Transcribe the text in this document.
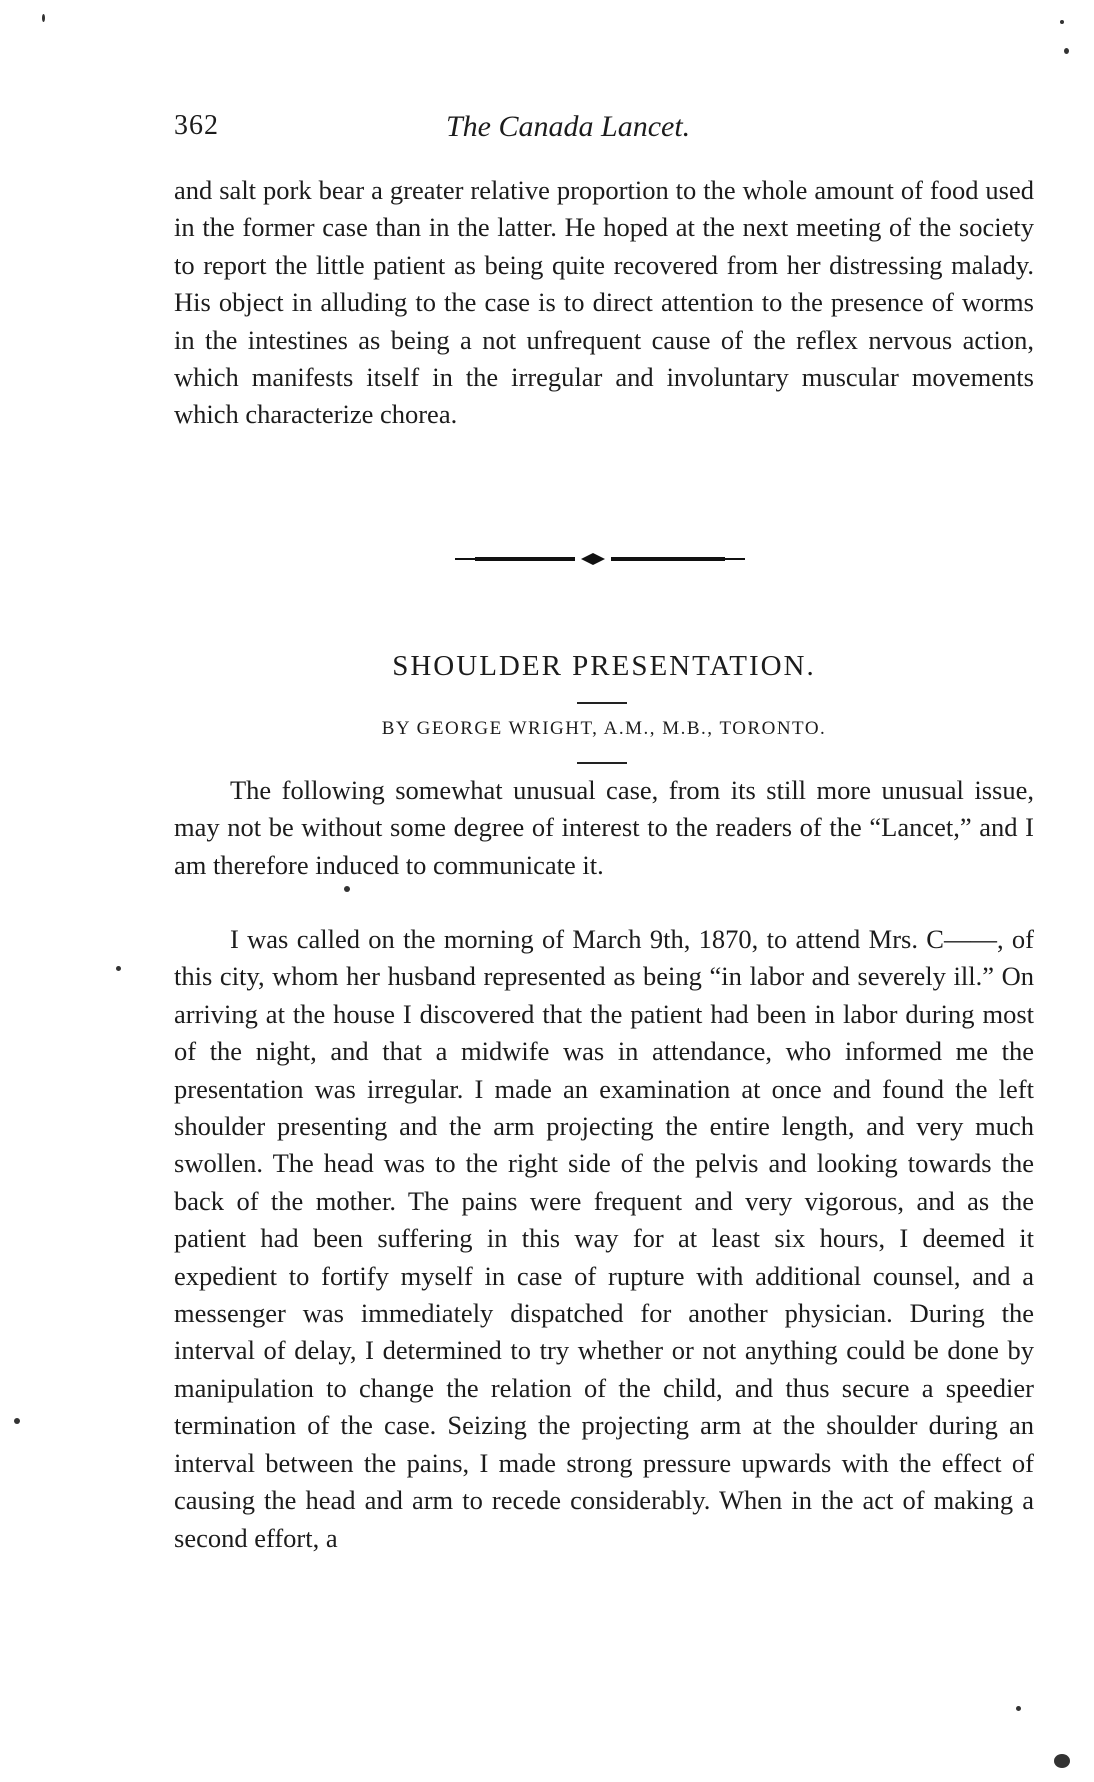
362	The Canada Lancet.

and salt pork bear a greater relative proportion to the whole amount of food used in the former case than in the latter. He hoped at the next meeting of the society to report the little patient as being quite recovered from her distressing malady. His object in alluding to the case is to direct attention to the presence of worms in the intestines as being a not unfrequent cause of the reflex nervous action, which manifests itself in the irregular and involuntary muscular movements which characterize chorea.

SHOULDER PRESENTATION.
BY GEORGE WRIGHT, A.M., M.B., TORONTO.

The following somewhat unusual case, from its still more unusual issue, may not be without some degree of interest to the readers of the “Lancet,” and I am therefore induced to communicate it.

I was called on the morning of March 9th, 1870, to attend Mrs. C——, of this city, whom her husband represented as being “in labor and severely ill.” On arriving at the house I discovered that the patient had been in labor during most of the night, and that a midwife was in attendance, who informed me the presentation was irregular. I made an examination at once and found the left shoulder presenting and the arm projecting the entire length, and very much swollen. The head was to the right side of the pelvis and looking towards the back of the mother. The pains were frequent and very vigorous, and as the patient had been suffering in this way for at least six hours, I deemed it expedient to fortify myself in case of rupture with additional counsel, and a messenger was immediately dispatched for another physician. During the interval of delay, I determined to try whether or not anything could be done by manipulation to change the relation of the child, and thus secure a speedier termination of the case. Seizing the projecting arm at the shoulder during an interval between the pains, I made strong pressure upwards with the effect of causing the head and arm to recede considerably. When in the act of making a second effort, a
